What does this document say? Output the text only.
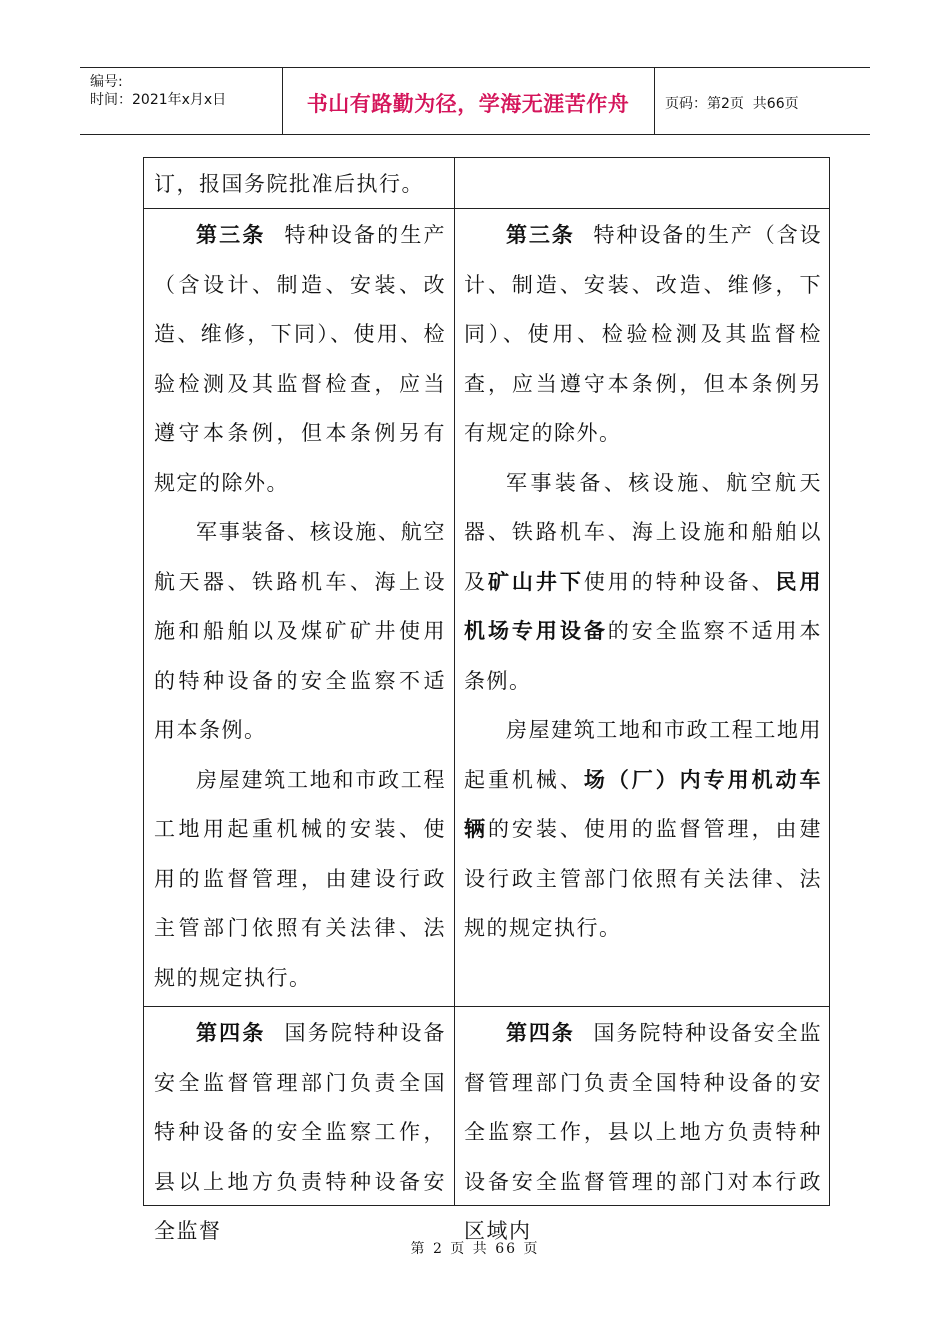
编号:
时间：2021年x月x日	书山有路勤为径，学海无涯苦作舟	页码：第2页  共66页

订，报国务院批准后执行。

第三条 特种设备的生产（含设计、制造、安装、改造、维修，下同）、使用、检验检测及其监督检查，应当遵守本条例，但本条例另有规定的除外。

军事装备、核设施、航空航天器、铁路机车、海上设施和船舶以及煤矿矿井使用的特种设备的安全监察不适用本条例。

房屋建筑工地和市政工程工地用起重机械的安装、使用的监督管理，由建设行政主管部门依照有关法律、法规的规定执行。

第三条 特种设备的生产（含设计、制造、安装、改造、维修，下同）、使用、检验检测及其监督检查，应当遵守本条例，但本条例另有规定的除外。

军事装备、核设施、航空航天器、铁路机车、海上设施和船舶以及矿山井下使用的特种设备、民用机场专用设备的安全监察不适用本条例。

房屋建筑工地和市政工程工地用起重机械、场（厂）内专用机动车辆的安装、使用的监督管理，由建设行政主管部门依照有关法律、法规的规定执行。

第四条 国务院特种设备安全监督管理部门负责全国特种设备的安全监察工作，县以上地方负责特种设备安全监督

第四条 国务院特种设备安全监督管理部门负责全国特种设备的安全监察工作，县以上地方负责特种设备安全监督管理的部门对本行政区域内

第 2 页 共 66 页
